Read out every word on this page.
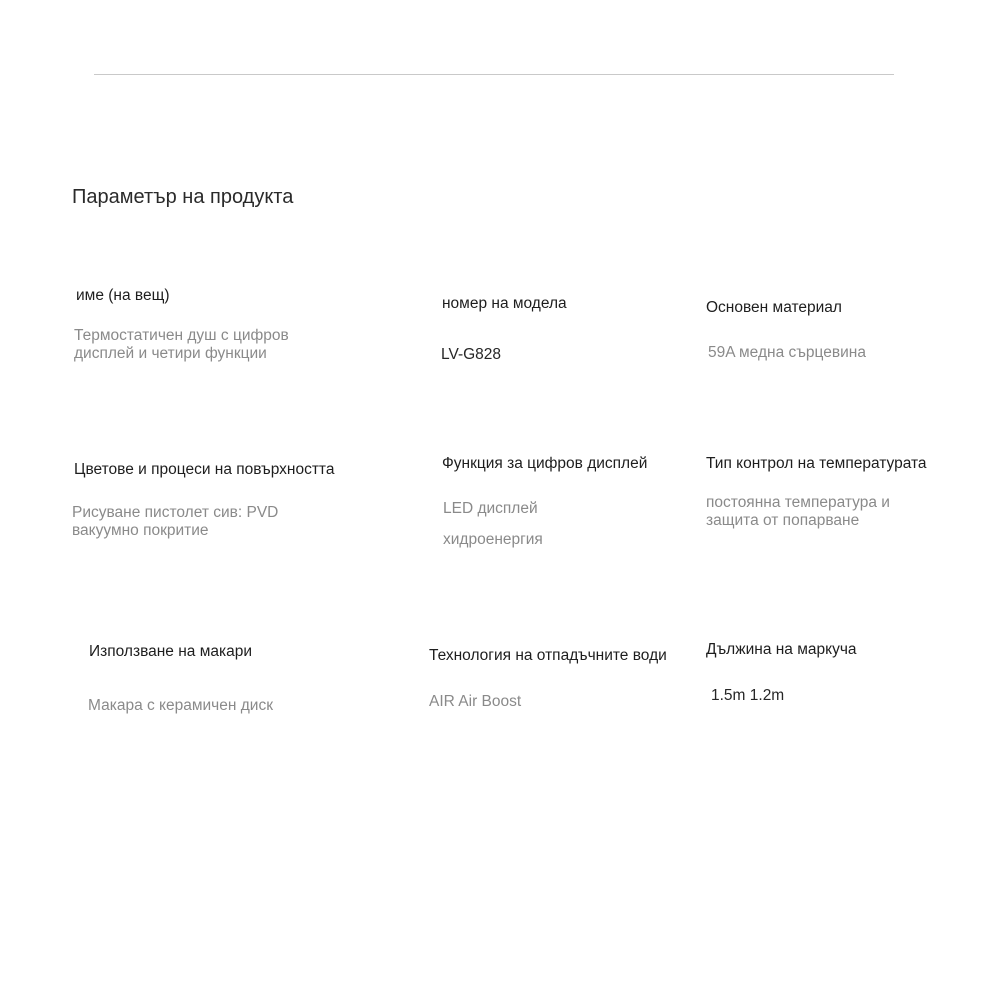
Параметър на продукта
име (на вещ)
Термостатичен душ с цифров
дисплей и четири функции
номер на модела
LV-G828
Основен материал
59A медна сърцевина
Цветове и процеси на повърхността
Рисуване пистолет сив: PVD
вакуумно покритие
Функция за цифров дисплей
LED дисплей
хидроенергия
Тип контрол на температурата
постоянна температура и
защита от попарване
Използване на макари
Макара с керамичен диск
Технология на отпадъчните води
AIR Air Boost
Дължина на маркуча
1.5m 1.2m
